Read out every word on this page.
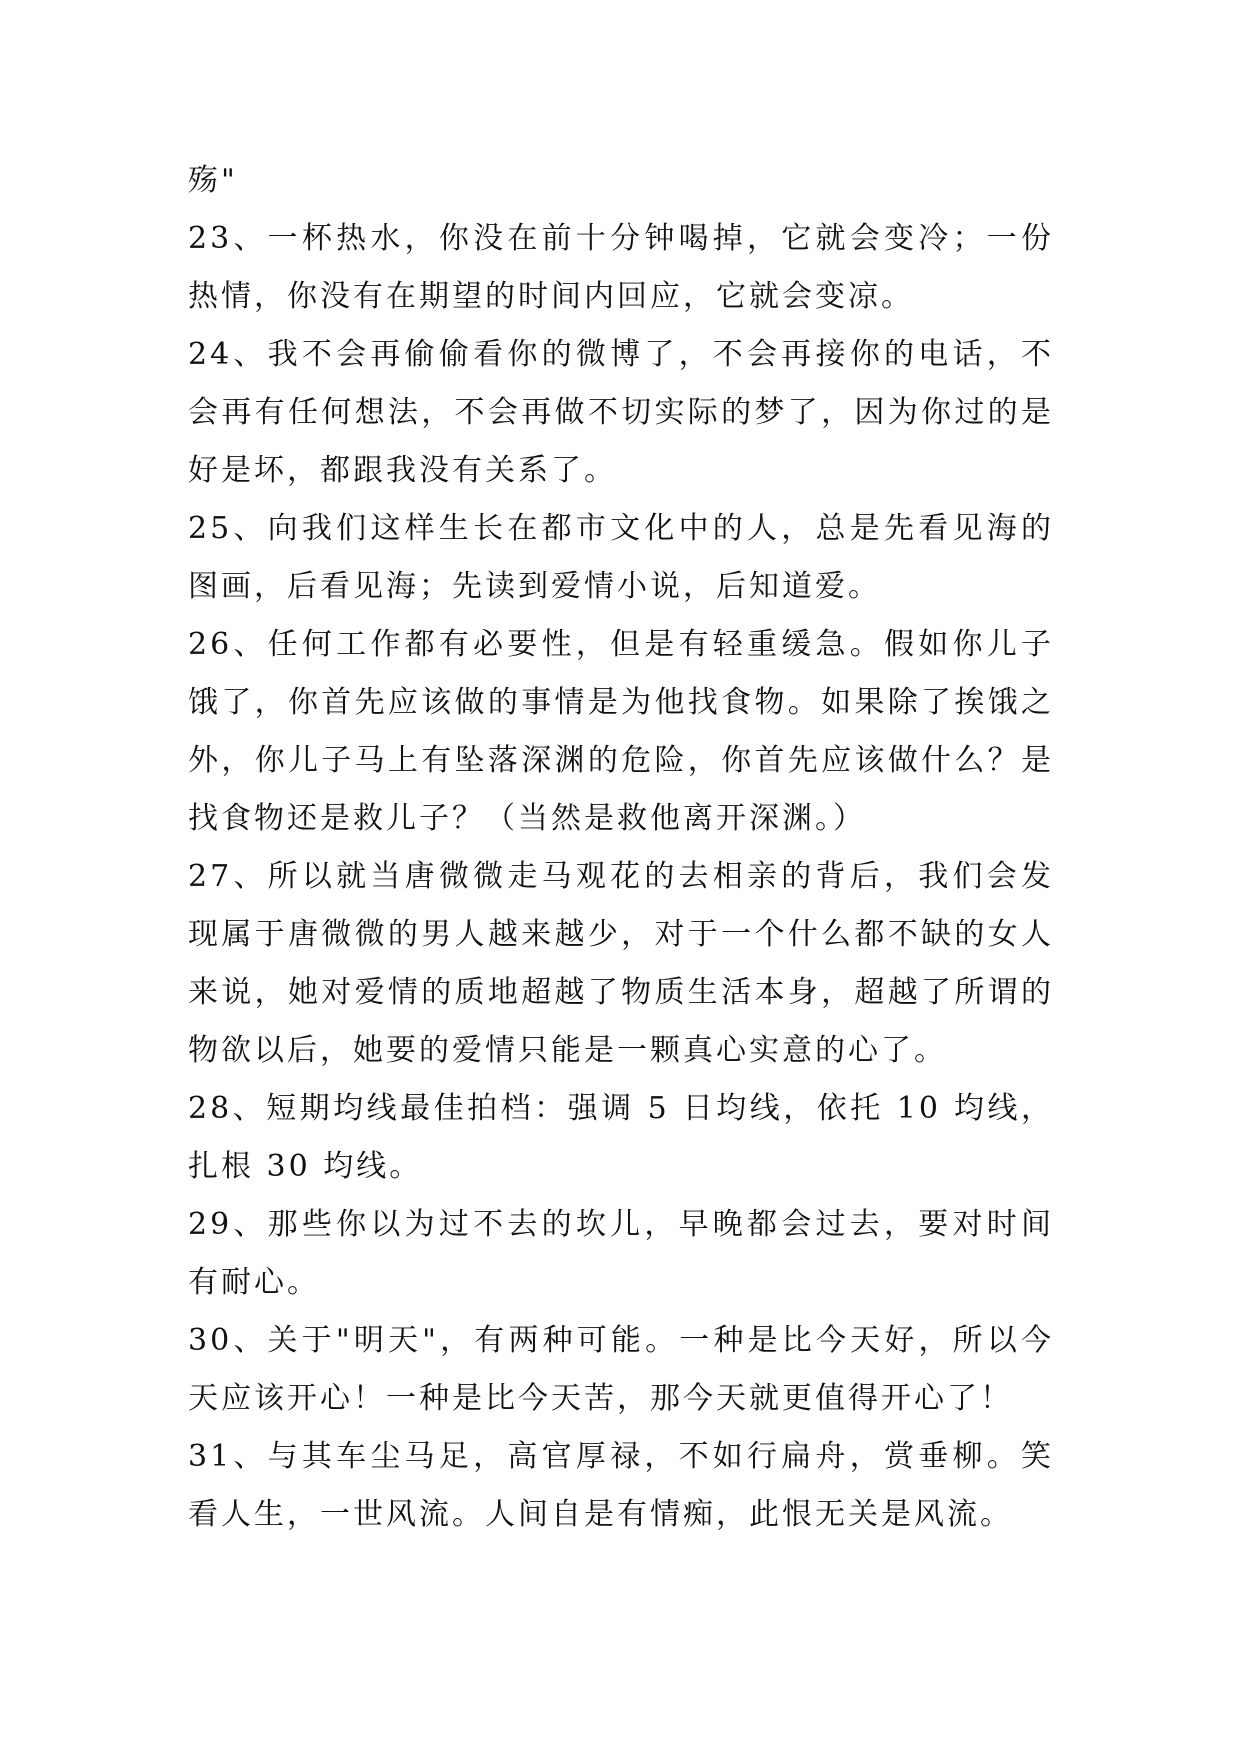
殇"

23、一杯热水，你没在前十分钟喝掉，它就会变冷；一份热情，你没有在期望的时间内回应，它就会变凉。

24、我不会再偷偷看你的微博了，不会再接你的电话，不会再有任何想法，不会再做不切实际的梦了，因为你过的是好是坏，都跟我没有关系了。

25、向我们这样生长在都市文化中的人，总是先看见海的图画，后看见海；先读到爱情小说，后知道爱。

26、任何工作都有必要性，但是有轻重缓急。假如你儿子饿了，你首先应该做的事情是为他找食物。如果除了挨饿之外，你儿子马上有坠落深渊的危险，你首先应该做什么？是找食物还是救儿子？（当然是救他离开深渊。）

27、所以就当唐微微走马观花的去相亲的背后，我们会发现属于唐微微的男人越来越少，对于一个什么都不缺的女人来说，她对爱情的质地超越了物质生活本身，超越了所谓的物欲以后，她要的爱情只能是一颗真心实意的心了。

28、短期均线最佳拍档：强调 5 日均线，依托 10 均线，扎根 30 均线。

29、那些你以为过不去的坎儿，早晚都会过去，要对时间有耐心。

30、关于"明天"，有两种可能。一种是比今天好，所以今天应该开心！一种是比今天苦，那今天就更值得开心了！

31、与其车尘马足，高官厚禄，不如行扁舟，赏垂柳。笑看人生，一世风流。人间自是有情痴，此恨无关是风流。
